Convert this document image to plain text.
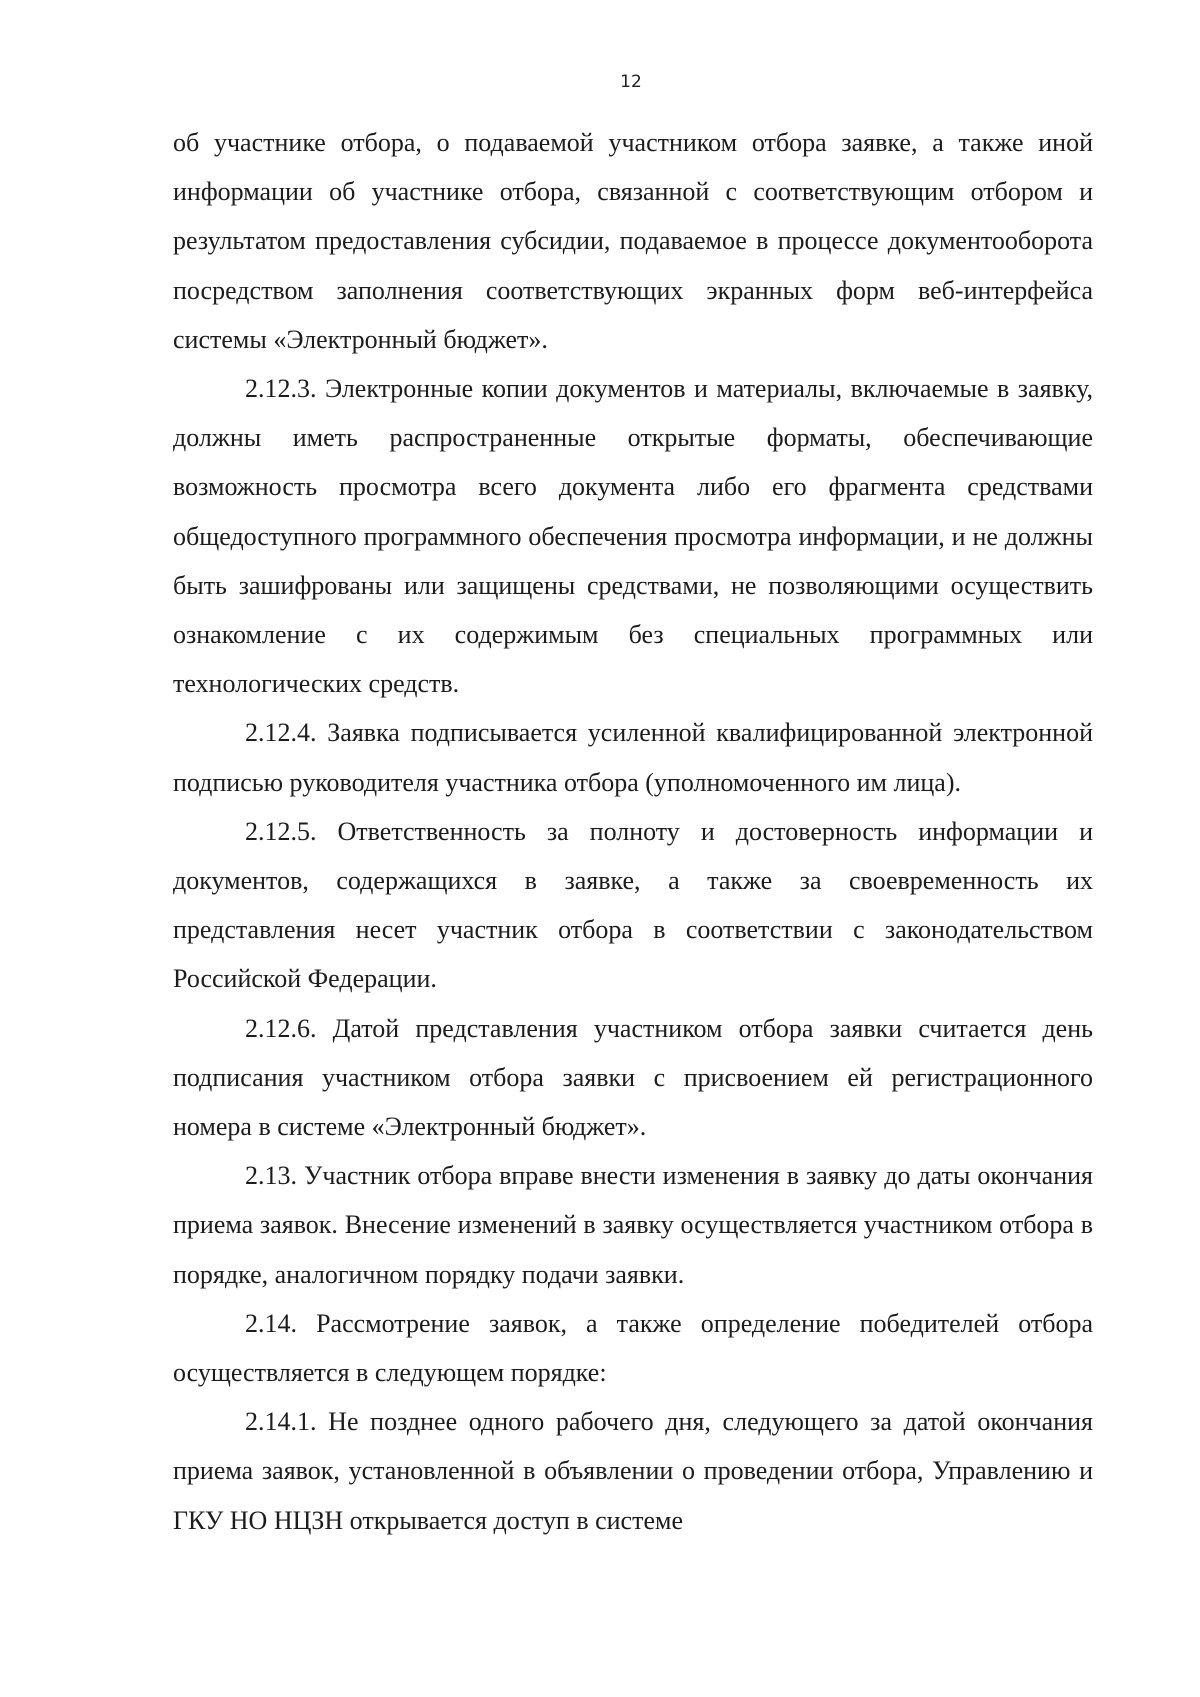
12

об участнике отбора, о подаваемой участником отбора заявке, а также иной информации об участнике отбора, связанной с соответствующим отбором и результатом предоставления субсидии, подаваемое в процессе документооборота посредством заполнения соответствующих экранных форм веб-интерфейса системы «Электронный бюджет».

2.12.3. Электронные копии документов и материалы, включаемые в заявку, должны иметь распространенные открытые форматы, обеспечивающие возможность просмотра всего документа либо его фрагмента средствами общедоступного программного обеспечения просмотра информации, и не должны быть зашифрованы или защищены средствами, не позволяющими осуществить ознакомление с их содержимым без специальных программных или технологических средств.

2.12.4. Заявка подписывается усиленной квалифицированной электронной подписью руководителя участника отбора (уполномоченного им лица).

2.12.5. Ответственность за полноту и достоверность информации и документов, содержащихся в заявке, а также за своевременность их представления несет участник отбора в соответствии с законодательством Российской Федерации.

2.12.6. Датой представления участником отбора заявки считается день подписания участником отбора заявки с присвоением ей регистрационного номера в системе «Электронный бюджет».

2.13. Участник отбора вправе внести изменения в заявку до даты окончания приема заявок. Внесение изменений в заявку осуществляется участником отбора в порядке, аналогичном порядку подачи заявки.

2.14. Рассмотрение заявок, а также определение победителей отбора осуществляется в следующем порядке:

2.14.1. Не позднее одного рабочего дня, следующего за датой окончания приема заявок, установленной в объявлении о проведении отбора, Управлению и ГКУ НО НЦЗН открывается доступ в системе
